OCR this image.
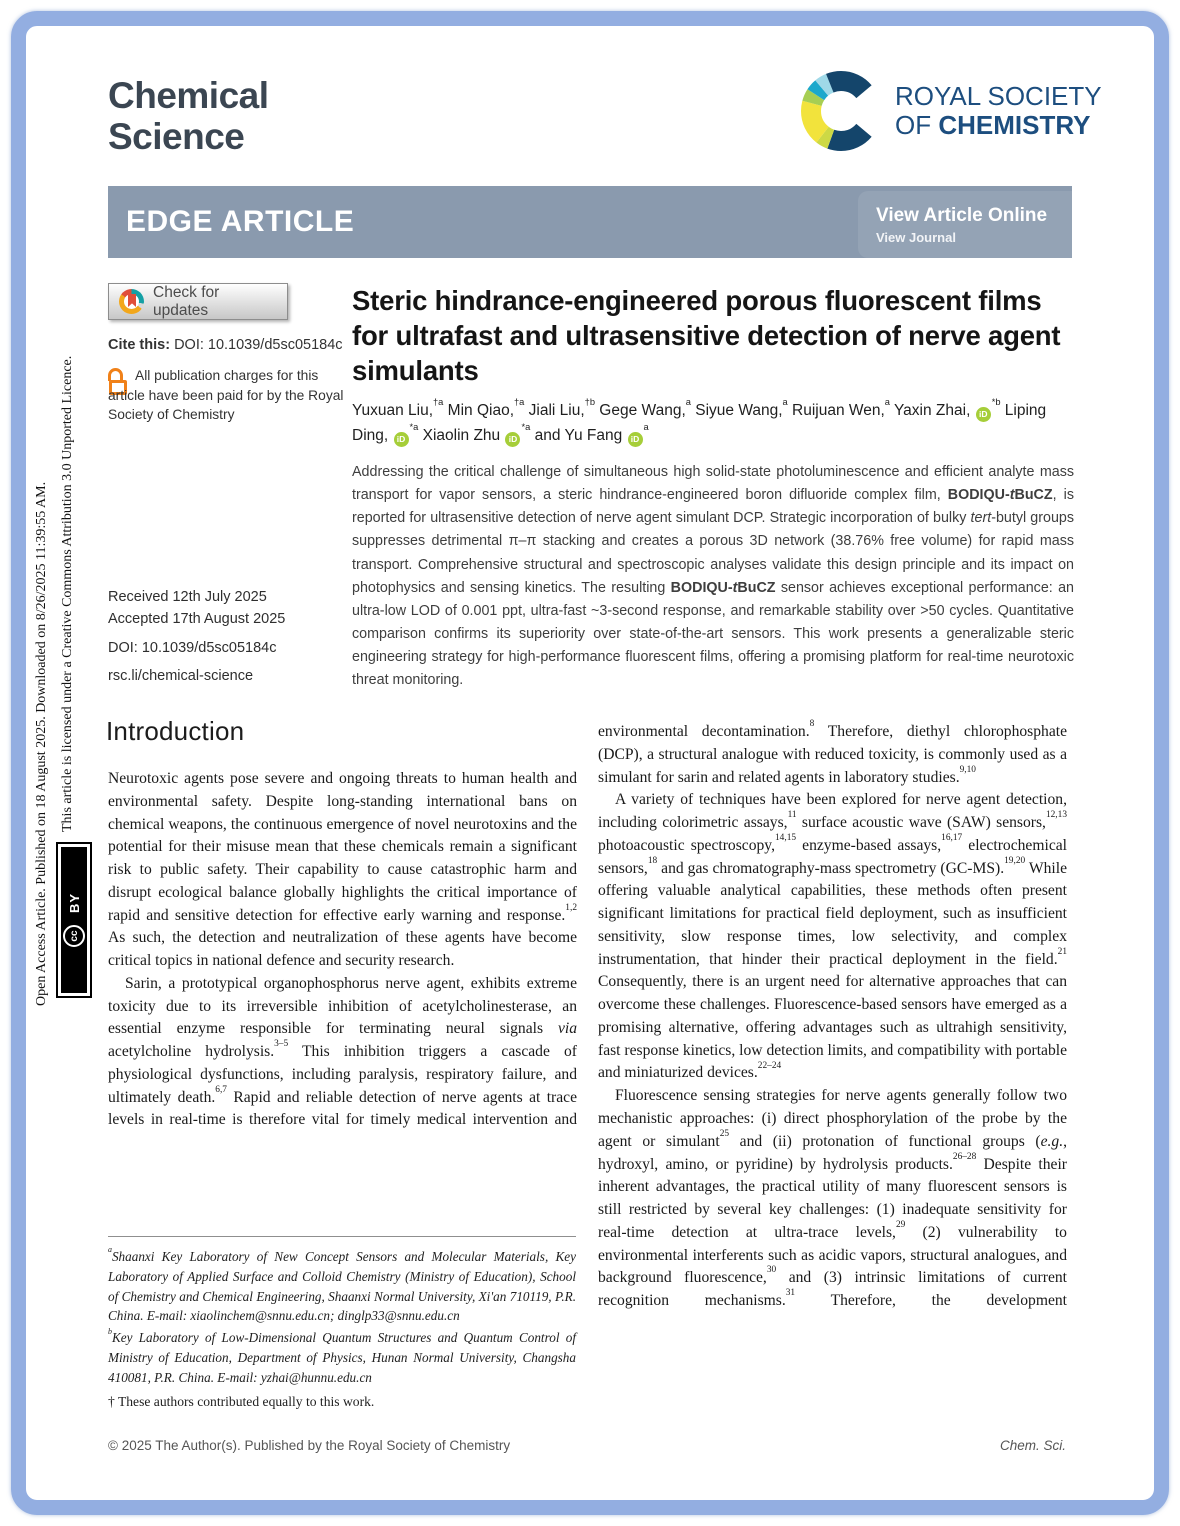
Chemical
Science
ROYAL SOCIETY
OF CHEMISTRY
EDGE ARTICLE	View Article Online
View Journal
Check for updates
Cite this: DOI: 10.1039/d5sc05184c
All publication charges for this article have been paid for by the Royal Society of Chemistry
Received 12th July 2025
Accepted 17th August 2025
DOI: 10.1039/d5sc05184c
rsc.li/chemical-science
Steric hindrance-engineered porous fluorescent films for ultrafast and ultrasensitive detection of nerve agent simulants
Yuxuan Liu,$^{\dagger a}$ Min Qiao,$^{\dagger a}$ Jiali Liu,$^{\dagger b}$ Gege Wang,$^a$ Siyue Wang,$^a$ Ruijuan Wen,$^a$ Yaxin Zhai, $iD^{*b}$ Liping Ding, $iD^{*a}$ Xiaolin Zhu $iD^{*a}$ and Yu Fang $iD^a$
Addressing the critical challenge of simultaneous high solid-state photoluminescence and efficient analyte mass transport for vapor sensors, a steric hindrance-engineered boron difluoride complex film, BODIQU-tBuCZ, is reported for ultrasensitive detection of nerve agent simulant DCP. Strategic incorporation of bulky tert-butyl groups suppresses detrimental π–π stacking and creates a porous 3D network (38.76% free volume) for rapid mass transport. Comprehensive structural and spectroscopic analyses validate this design principle and its impact on photophysics and sensing kinetics. The resulting BODIQU-tBuCZ sensor achieves exceptional performance: an ultra-low LOD of 0.001 ppt, ultra-fast ~3-second response, and remarkable stability over >50 cycles. Quantitative comparison confirms its superiority over state-of-the-art sensors. This work presents a generalizable steric engineering strategy for high-performance fluorescent films, offering a promising platform for real-time neurotoxic threat monitoring.
Introduction

Neurotoxic agents pose severe and ongoing threats to human health and environmental safety. Despite long-standing international bans on chemical weapons, the continuous emergence of novel neurotoxins and the potential for their misuse mean that these chemicals remain a significant risk to public safety. Their capability to cause catastrophic harm and disrupt ecological balance globally highlights the critical importance of rapid and sensitive detection for effective early warning and response.$^{1,2}$ As such, the detection and neutralization of these agents have become critical topics in national defence and security research.

Sarin, a prototypical organophosphorus nerve agent, exhibits extreme toxicity due to its irreversible inhibition of acetylcholinesterase, an essential enzyme responsible for terminating neural signals via acetylcholine hydrolysis.$^{3-5}$ This inhibition triggers a cascade of physiological dysfunctions, including paralysis, respiratory failure, and ultimately death.$^{6,7}$ Rapid and reliable detection of nerve agents at trace levels in real-time is therefore vital for timely medical intervention and

environmental decontamination.$^8$ Therefore, diethyl chlorophosphate (DCP), a structural analogue with reduced toxicity, is commonly used as a simulant for sarin and related agents in laboratory studies.$^{9,10}$

A variety of techniques have been explored for nerve agent detection, including colorimetric assays,$^{11}$ surface acoustic wave (SAW) sensors,$^{12,13}$ photoacoustic spectroscopy,$^{14,15}$ enzyme-based assays,$^{16,17}$ electrochemical sensors,$^{18}$ and gas chromatography-mass spectrometry (GC-MS).$^{19,20}$ While offering valuable analytical capabilities, these methods often present significant limitations for practical field deployment, such as insufficient sensitivity, slow response times, low selectivity, and complex instrumentation, that hinder their practical deployment in the field.$^{21}$ Consequently, there is an urgent need for alternative approaches that can overcome these challenges. Fluorescence-based sensors have emerged as a promising alternative, offering advantages such as ultrahigh sensitivity, fast response kinetics, low detection limits, and compatibility with portable and miniaturized devices.$^{22-24}$

Fluorescence sensing strategies for nerve agents generally follow two mechanistic approaches: (i) direct phosphorylation of the probe by the agent or simulant$^{25}$ and (ii) protonation of functional groups (e.g., hydroxyl, amino, or pyridine) by hydrolysis products.$^{26-28}$ Despite their inherent advantages, the practical utility of many fluorescent sensors is still restricted by several key challenges: (1) inadequate sensitivity for real-time detection at ultra-trace levels,$^{29}$ (2) vulnerability to environmental interferents such as acidic vapors, structural analogues, and background fluorescence,$^{30}$ and (3) intrinsic limitations of current recognition mechanisms.$^{31}$ Therefore, the development

$^a$Shaanxi Key Laboratory of New Concept Sensors and Molecular Materials, Key Laboratory of Applied Surface and Colloid Chemistry (Ministry of Education), School of Chemistry and Chemical Engineering, Shaanxi Normal University, Xi'an 710119, P.R. China. E-mail: xiaolinchem@snnu.edu.cn; dinglp33@snnu.edu.cn

$^b$Key Laboratory of Low-Dimensional Quantum Structures and Quantum Control of Ministry of Education, Department of Physics, Hunan Normal University, Changsha 410081, P.R. China. E-mail: yzhai@hunnu.edu.cn

† These authors contributed equally to this work.

© 2025 The Author(s). Published by the Royal Society of Chemistry	Chem. Sci.
Open Access Article. Published on 18 August 2025. Downloaded on 8/26/2025 11:39:55 AM. This article is licensed under a Creative Commons Attribution 3.0 Unported Licence.
cc
BY
